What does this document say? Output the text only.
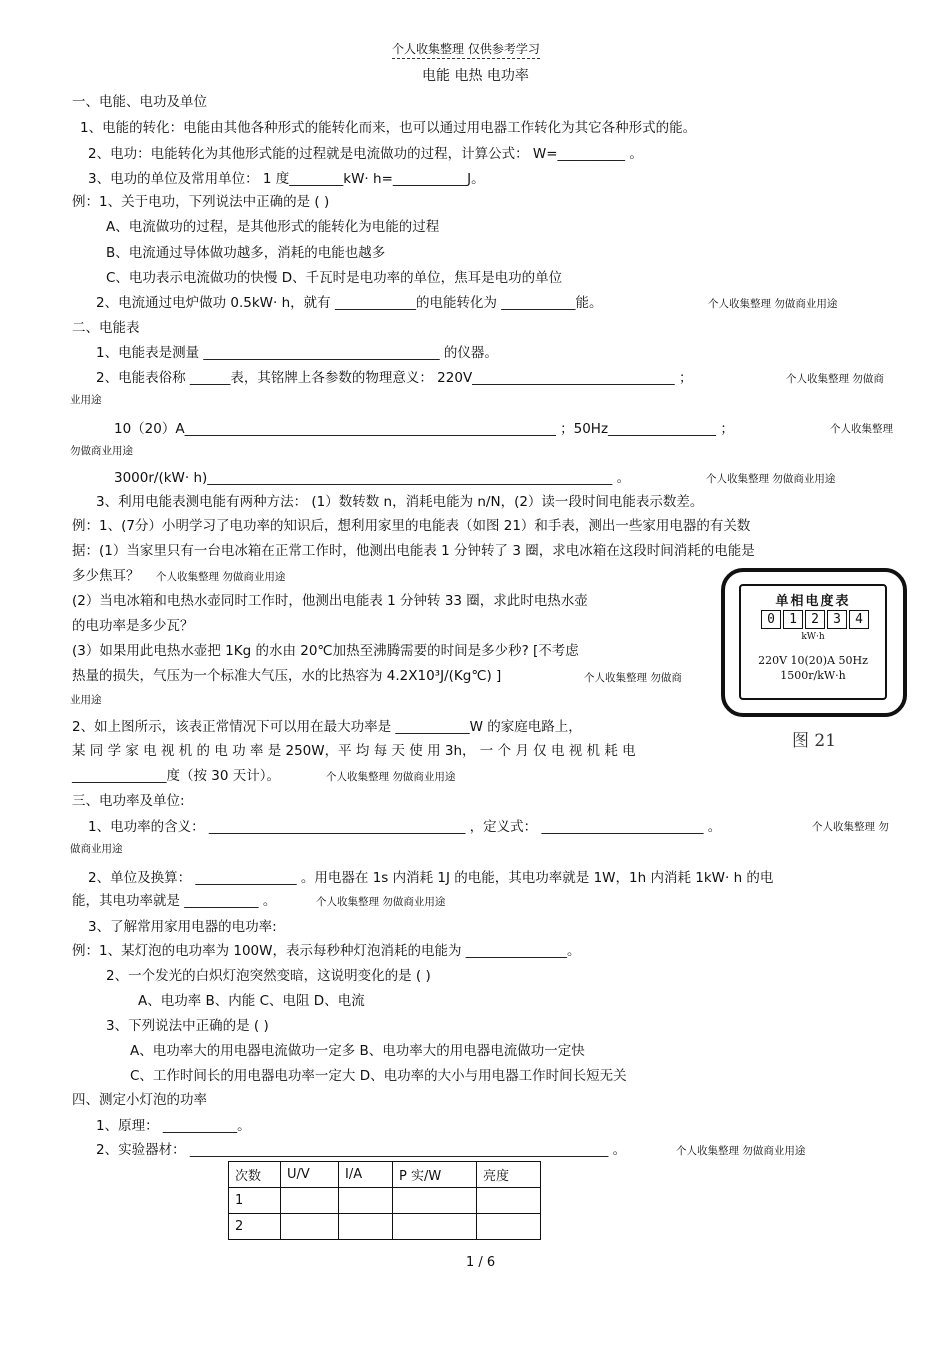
个人收集整理 仅供参考学习
电能 电热 电功率
一、电能、电功及单位
1、电能的转化：电能由其他各种形式的能转化而来，也可以通过用电器工作转化为其它各种形式的能。
2、电功：电能转化为其他形式能的过程就是电流做功的过程，计算公式： W=__________ 。
3、电功的单位及常用单位： 1 度________kW· h=___________J。
例：1、关于电功，下列说法中正确的是 ( )
A、电流做功的过程，是其他形式的能转化为电能的过程
B、电流通过导体做功越多，消耗的电能也越多
C、电功表示电流做功的快慢 D、千瓦时是电功率的单位，焦耳是电功的单位
2、电流通过电炉做功 0.5kW· h，就有 ____________的电能转化为 ___________能。	个人收集整理 勿做商业用途
二、电能表
1、电能表是测量 ___________________________________ 的仪器。
2、电能表俗称 ______表，其铭牌上各参数的物理意义： 220V______________________________ ；	个人收集整理 勿做商
业用途
10（20）A_______________________________________________________ ；50Hz________________ ；	个人收集整理
勿做商业用途
3000r/(kW· h)____________________________________________________________ 。	个人收集整理 勿做商业用途
3、利用电能表测电能有两种方法： (1）数转数 n，消耗电能为 n/N，(2）读一段时间电能表示数差。
例：1、(7分）小明学习了电功率的知识后，想利用家里的电能表（如图 21）和手表，测出一些家用电器的有关数
据：(1）当家里只有一台电冰箱在正常工作时，他测出电能表 1 分钟转了 3 圈，求电冰箱在这段时间消耗的电能是
多少焦耳？ 个人收集整理 勿做商业用途
(2）当电冰箱和电热水壶同时工作时，他测出电能表 1 分钟转 33 圈，求此时电热水壶
的电功率是多少瓦？
(3）如果用此电热水壶把 1Kg 的水由 20℃加热至沸腾需要的时间是多少秒? [不考虑
热量的损失，气压为一个标准大气压，水的比热容为 4.2X10³J/(Kg℃) ]	个人收集整理 勿做商
业用途
2、如上图所示，该表正常情况下可以用在最大功率是 ___________W 的家庭电路上，
某 同 学 家 电 视 机 的 电 功 率 是 250W，平 均 每 天 使 用 3h， 一 个 月 仅 电 视 机 耗 电
______________度（按 30 天计）。	个人收集整理 勿做商业用途
单相电度表
0	1	2	3	4
kW·h
220V 10(20)A 50Hz
1500r/kW·h
图 21
三、电功率及单位:
1、电功率的含义： ______________________________________ ，定义式： ________________________ 。	个人收集整理 勿
做商业用途
2、单位及换算： _______________ 。用电器在 1s 内消耗 1J 的电能，其电功率就是 1W，1h 内消耗 1kW· h 的电
能，其电功率就是 ___________ 。	个人收集整理 勿做商业用途
3、了解常用家用电器的电功率:
例：1、某灯泡的电功率为 100W，表示每秒种灯泡消耗的电能为 _______________。
2、一个发光的白炽灯泡突然变暗，这说明变化的是 ( )
A、电功率 B、内能 C、电阻 D、电流
3、下列说法中正确的是 ( )
A、电功率大的用电器电流做功一定多 B、电功率大的用电器电流做功一定快
C、工作时间长的用电器电功率一定大 D、电功率的大小与用电器工作时间长短无关
四、测定小灯泡的功率
1、原理： ___________。
2、实验器材： ______________________________________________________________ 。	个人收集整理 勿做商业用途
次数	U/V	I/A	P 实/W	亮度
1				
2				
1 / 6
